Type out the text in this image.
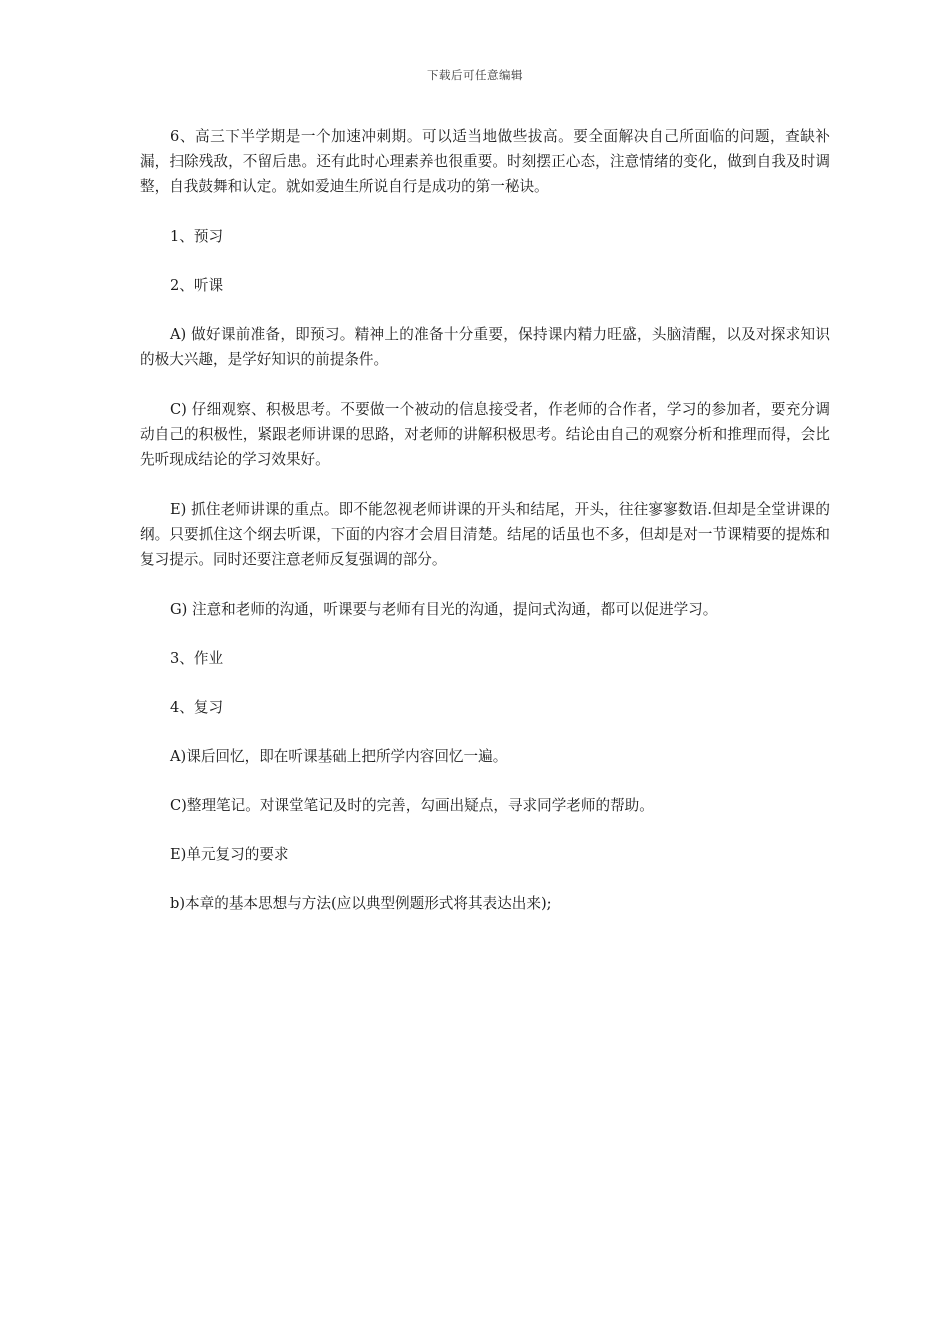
下载后可任意编辑

6、高三下半学期是一个加速冲刺期。可以适当地做些拔高。要全面解决自己所面临的问题，查缺补漏，扫除残敌，不留后患。还有此时心理素养也很重要。时刻摆正心态，注意情绪的变化，做到自我及时调整，自我鼓舞和认定。就如爱迪生所说自行是成功的第一秘诀。

1、预习

2、听课

A) 做好课前准备，即预习。精神上的准备十分重要，保持课内精力旺盛，头脑清醒，以及对探求知识的极大兴趣，是学好知识的前提条件。

C) 仔细观察、积极思考。不要做一个被动的信息接受者，作老师的合作者，学习的参加者，要充分调动自己的积极性，紧跟老师讲课的思路，对老师的讲解积极思考。结论由自己的观察分析和推理而得，会比先听现成结论的学习效果好。

E) 抓住老师讲课的重点。即不能忽视老师讲课的开头和结尾，开头，往往寥寥数语.但却是全堂讲课的纲。只要抓住这个纲去听课，下面的内容才会眉目清楚。结尾的话虽也不多，但却是对一节课精要的提炼和复习提示。同时还要注意老师反复强调的部分。

G) 注意和老师的沟通，听课要与老师有目光的沟通，提问式沟通，都可以促进学习。

3、作业

4、复习

A)课后回忆，即在听课基础上把所学内容回忆一遍。

C)整理笔记。对课堂笔记及时的完善，勾画出疑点，寻求同学老师的帮助。

E)单元复习的要求

b)本章的基本思想与方法(应以典型例题形式将其表达出来);
